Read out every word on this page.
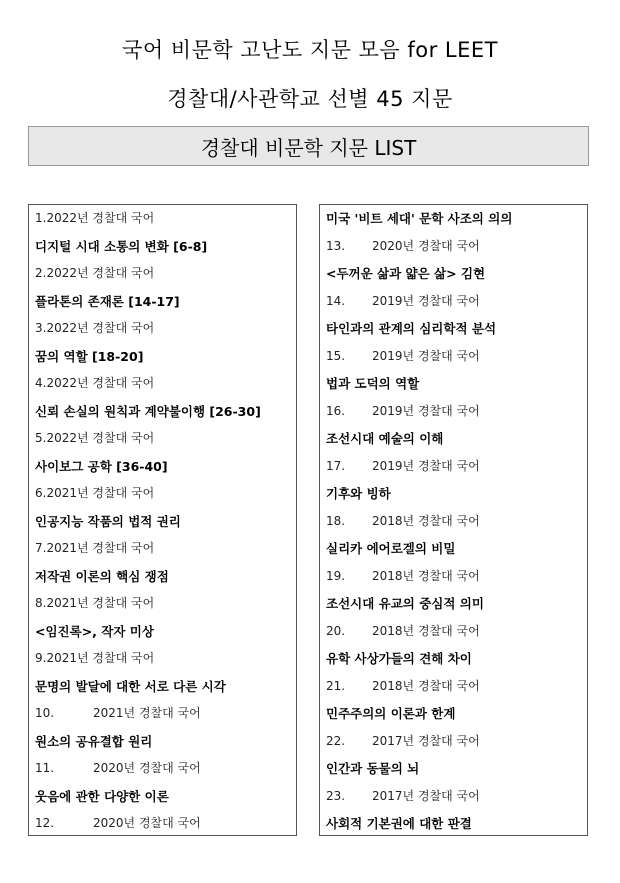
국어 비문학 고난도 지문 모음 for LEET
경찰대/사관학교 선별 45 지문
경찰대 비문학 지문 LIST
1.2022년 경찰대 국어
디지털 시대 소통의 변화 [6-8]
2.2022년 경찰대 국어
플라톤의 존재론 [14-17]
3.2022년 경찰대 국어
꿈의 역할 [18-20]
4.2022년 경찰대 국어
신뢰 손실의 원칙과 계약불이행 [26-30]
5.2022년 경찰대 국어
사이보그 공학 [36-40]
6.2021년 경찰대 국어
인공지능 작품의 법적 권리
7.2021년 경찰대 국어
저작권 이론의 핵심 쟁점
8.2021년 경찰대 국어
<임진록>, 작자 미상
9.2021년 경찰대 국어
문명의 발달에 대한 서로 다른 시각
10.	2021년 경찰대 국어
원소의 공유결합 원리
11.	2020년 경찰대 국어
웃음에 관한 다양한 이론
12.	2020년 경찰대 국어
미국 '비트 세대' 문학 사조의 의의
13. 2020년 경찰대 국어
<두꺼운 삶과 얇은 삶> 김현
14. 2019년 경찰대 국어
타인과의 관계의 심리학적 분석
15. 2019년 경찰대 국어
법과 도덕의 역할
16. 2019년 경찰대 국어
조선시대 예술의 이해
17. 2019년 경찰대 국어
기후와 빙하
18. 2018년 경찰대 국어
실리카 에어로겔의 비밀
19. 2018년 경찰대 국어
조선시대 유교의 중심적 의미
20. 2018년 경찰대 국어
유학 사상가들의 견해 차이
21. 2018년 경찰대 국어
민주주의의 이론과 한계
22. 2017년 경찰대 국어
인간과 동물의 뇌
23. 2017년 경찰대 국어
사회적 기본권에 대한 판결
